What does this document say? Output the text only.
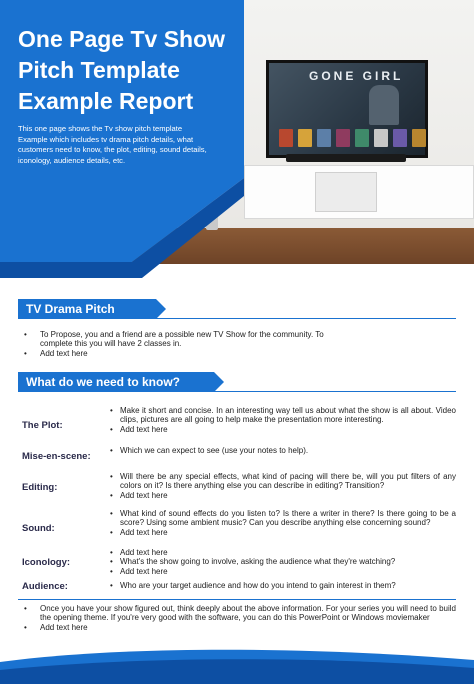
GONE GIRL
One Page Tv Show Pitch Template Example Report

This one page shows the Tv show pitch template Example which includes tv drama pitch details, what customers need to know, the plot, editing, sound details, iconology, audience details, etc.

TV Drama Pitch
• To Propose, you and a friend are a possible new TV Show for the community. To complete this you will have 2 classes in.
• Add text here
What do we need to know?
The Plot:
• Make it short and concise. In an interesting way tell us about what the show is all about. Video clips, pictures are all going to help make the presentation more interesting.
• Add text here
Mise-en-scene:	• Which we can expect to see (use your notes to help).
Editing:
• Will there be any special effects, what kind of pacing will there be, will you put filters of any colors on it? Is there anything else you can describe in editing? Transition?
• Add text here
Sound:
• What kind of sound effects do you listen to? Is there a writer in there? Is there going to be a score? Using some ambient music? Can you describe anything else concerning sound?
• Add text here
Iconology:
• Add text here
• What's the show going to involve, asking the audience what they're watching?
• Add text here
Audience:	• Who are your target audience and how do you intend to gain interest in them?
• Once you have your show figured out, think deeply about the above information. For your series you will need to build the opening theme. If you're very good with the software, you can do this PowerPoint or Windows moviemaker
• Add text here
